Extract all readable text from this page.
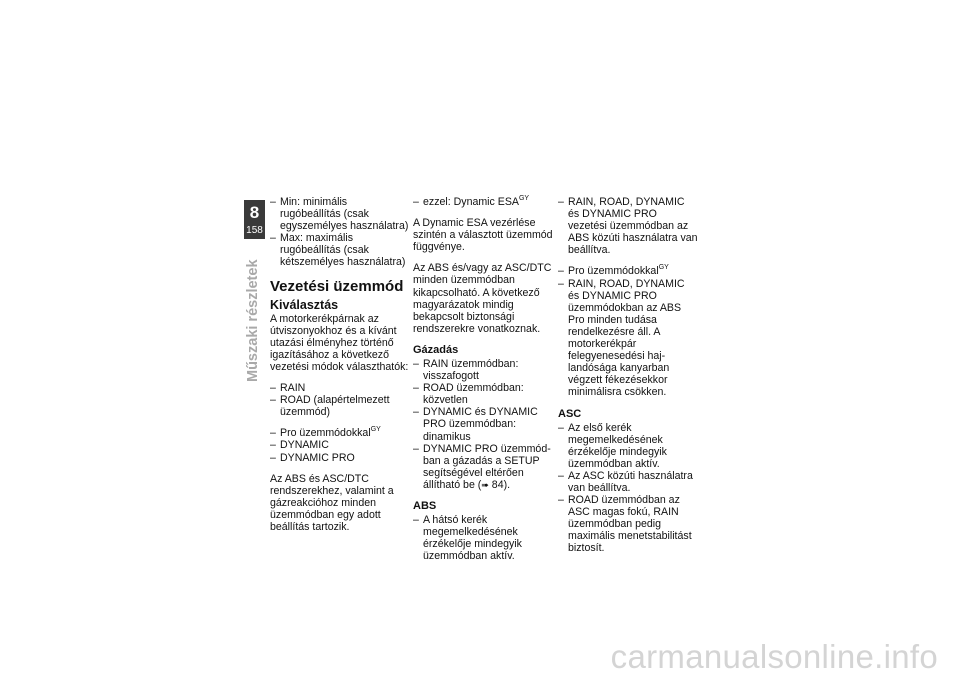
8
158
Műszaki részletek
– Min: minimális rugóbeállítás (csak egyszemélyes használatra)
– Max: maximális rugóbeállítás (csak kétszemélyes használatra)
Vezetési üzemmód
Kiválasztás

A motorkerékpárnak az útviszonyokhoz és a kívánt utazási élményhez történő igazításához a következő vezetési módok választhatók:

– RAIN
– ROAD (alapértelmezett üzemmód)
– Pro üzemmódokkal$^{GY}$
– DYNAMIC
– DYNAMIC PRO

Az ABS és ASC/DTC rendszerekhez, valamint a gázreakcióhoz minden üzemmódban egy adott beállítás tartozik.

– ezzel: Dynamic $ESA^{GY}$

A Dynamic ESA vezérlése szintén a választott üzemmód függvénye.

Az ABS és/vagy az ASC/DTC minden üzemmódban kikapcsolható. A következő magyarázatok mindig bekapcsolt biztonsági rendszerekre vonatkoznak.

Gázadás
– RAIN üzemmódban: visszafogott
– ROAD üzemmódban: közvetlen
– DYNAMIC és DYNAMIC PRO üzemmódban: dinamikus
– DYNAMIC PRO üzemmódban a gázadás a SETUP segítségével eltérően állítható be (➠ 84).
ABS
– A hátsó kerék megemelkedésének érzékelője mindegyik üzemmódban aktív.
– RAIN, ROAD, DYNAMIC és DYNAMIC PRO vezetési üzemmódban az ABS közúti használatra van beállítva.
– Pro üzemmódokkal$^{GY}$
– RAIN, ROAD, DYNAMIC és DYNAMIC PRO üzemmódokban az ABS Pro minden tudása rendelkezésre áll. A motorkerékpár felegyenesedési hajlandósága kanyarban végzett fékezésekkor minimálisra csökken.
ASC
– Az első kerék megemelkedésének érzékelője mindegyik üzemmódban aktív.
– Az ASC közúti használatra van beállítva.
– ROAD üzemmódban az ASC magas fokú, RAIN üzemmódban pedig maximális menetstabilitást biztosít.
carmanualsonline.info
